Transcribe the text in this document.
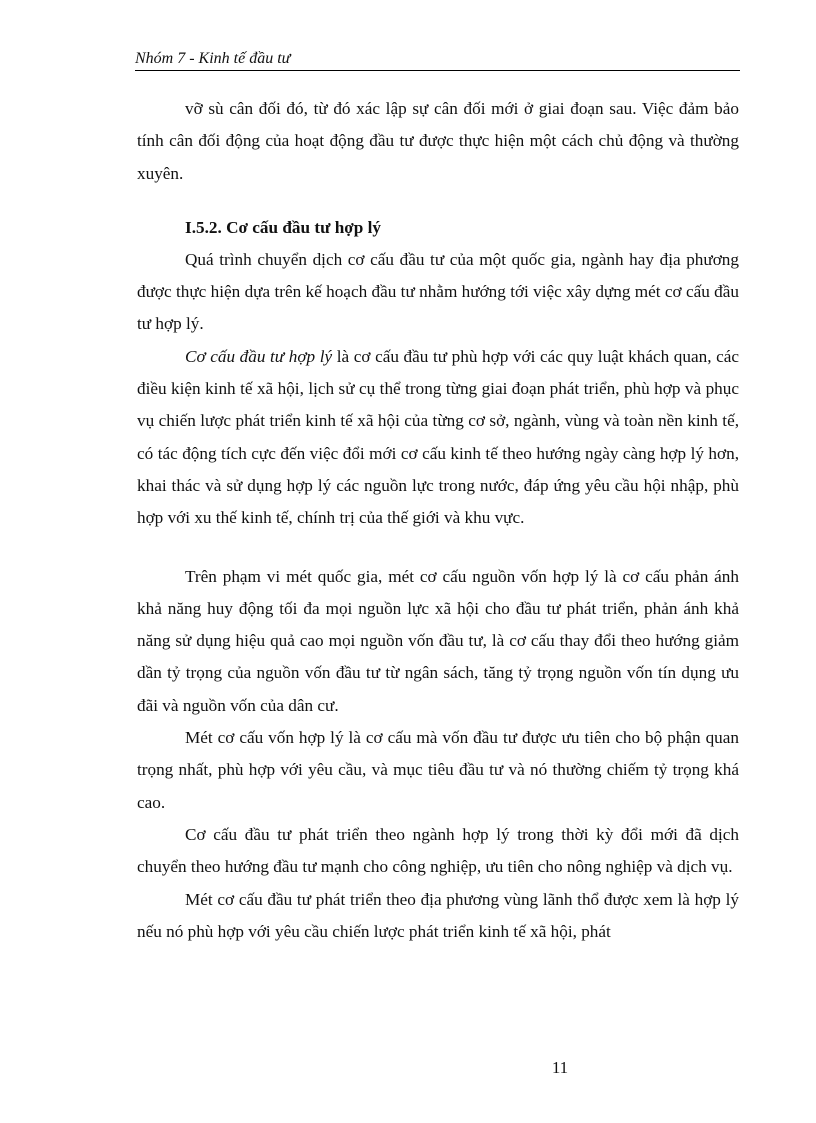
Nhóm 7 - Kinh tế đầu tư

vỡ sù cân đối đó, từ đó xác lập sự cân đối mới ở giai đoạn sau. Việc đảm bảo tính cân đối động của hoạt động đầu tư được thực hiện một cách chủ động và thường xuyên.

I.5.2. Cơ cấu đầu tư hợp lý

Quá trình chuyển dịch cơ cấu đầu tư của một quốc gia, ngành hay địa phương được thực hiện dựa trên kế hoạch đầu tư nhằm hướng tới việc xây dựng mét cơ cấu đầu tư hợp lý.

Cơ cấu đầu tư hợp lý là cơ cấu đầu tư phù hợp với các quy luật khách quan, các điều kiện kinh tế xã hội, lịch sử cụ thể trong từng giai đoạn phát triển, phù hợp và phục vụ chiến lược phát triển kinh tế xã hội của từng cơ sở, ngành, vùng và toàn nền kinh tế, có tác động tích cực đến việc đổi mới cơ cấu kinh tế theo hướng ngày càng hợp lý hơn, khai thác và sử dụng hợp lý các nguồn lực trong nước, đáp ứng yêu cầu hội nhập, phù hợp với xu thế kinh tế, chính trị của thế giới và khu vực.

Trên phạm vi mét quốc gia, mét cơ cấu nguồn vốn hợp lý là cơ cấu phản ánh khả năng huy động tối đa mọi nguồn lực xã hội cho đầu tư phát triển, phản ánh khả năng sử dụng hiệu quả cao mọi nguồn vốn đầu tư, là cơ cấu thay đổi theo hướng giảm dần tỷ trọng của nguồn vốn đầu tư từ ngân sách, tăng tỷ trọng nguồn vốn tín dụng ưu đãi và nguồn vốn của dân cư.

Mét cơ cấu vốn hợp lý là cơ cấu mà vốn đầu tư được ưu tiên cho bộ phận quan trọng nhất, phù hợp với yêu cầu, và mục tiêu đầu tư và nó thường chiếm tỷ trọng khá cao.

Cơ cấu đầu tư phát triển theo ngành hợp lý trong thời kỳ đổi mới đã dịch chuyển theo hướng đầu tư mạnh cho công nghiệp, ưu tiên cho nông nghiệp và dịch vụ.

Mét cơ cấu đầu tư phát triển theo địa phương vùng lãnh thổ được xem là hợp lý nếu nó phù hợp với yêu cầu chiến lược phát triển kinh tế xã hội, phát

11
